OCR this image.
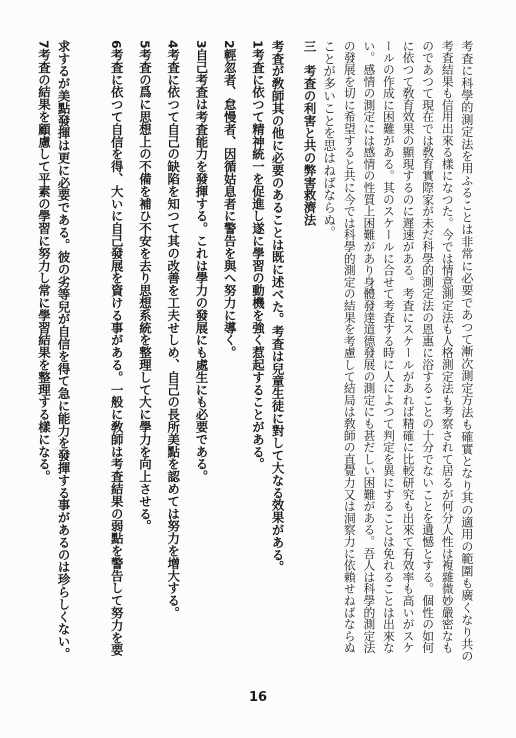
考査に科學的測定法を用ふることは非常に必要であつて漸次測定方法も確實となり其の適用の範圍も廣くなり共の

考査結果も信用出來る樣になつた。今では情意測定法も人格測定法も考察されて居るが何分人性は複雜微妙嚴密なも

のであつて現在では敎育實際家が未だ科學的測定法の恩惠に浴することの十分でないことを遺憾とする。個性の如何

に依つて敎育效果の顯現するのに遲速がある。考査にスケールがあれば精確に比較研究も出來て有效率も高いがスケ

ールの作成に困難がある。其のスケールに合せて考査する時に人によつて判定を異にすることは免れることは出來な

い。感情の測定には感情の性質上困難があり身體發達道德發展の測定にも甚だしい困難がある。吾人は科學的測定法

の發展を切に希望すると共に今では科學的測定の結果を考慮して結局は敎師の直覺力又は洞察力に依賴せねばならぬ

ことが多いことを思はねばならぬ。

三　考査の利害と共の弊害救濟法

考査が敎師其の他に必要のあることは既に述べた。考査は兒童生徒に對して大なる效果がある。

1考査に依つて精神統一を促進し遂に學習の動機を強く惹起することがある。

2輕忽者、怠慢者、因循姑息者に警告を與へ努力に導く。

3自己考査は考査能力を發揮する。これは學力の發展にも處生にも必要である。

4考査に依つて自己の缺陷を知つて其の改善を工夫せしめ、自己の長所美點を認めては努力を增大する。

5考査の爲に思想上の不備を補ひ不安を去り思想系統を整理して大に學力を向上させる。

6考査に依つて自信を得、大いに自己發展を資ける事がある。一般に敎師は考査結果の弱點を警告して努力を要

求するが美點發揮は更に必要である。彼の劣等兒が自信を得て急に能力を發揮する事があるのは珍らしくない。

7考査の結果を顧慮して平素の學習に努力し常に學習結果を整理する樣になる。

16
